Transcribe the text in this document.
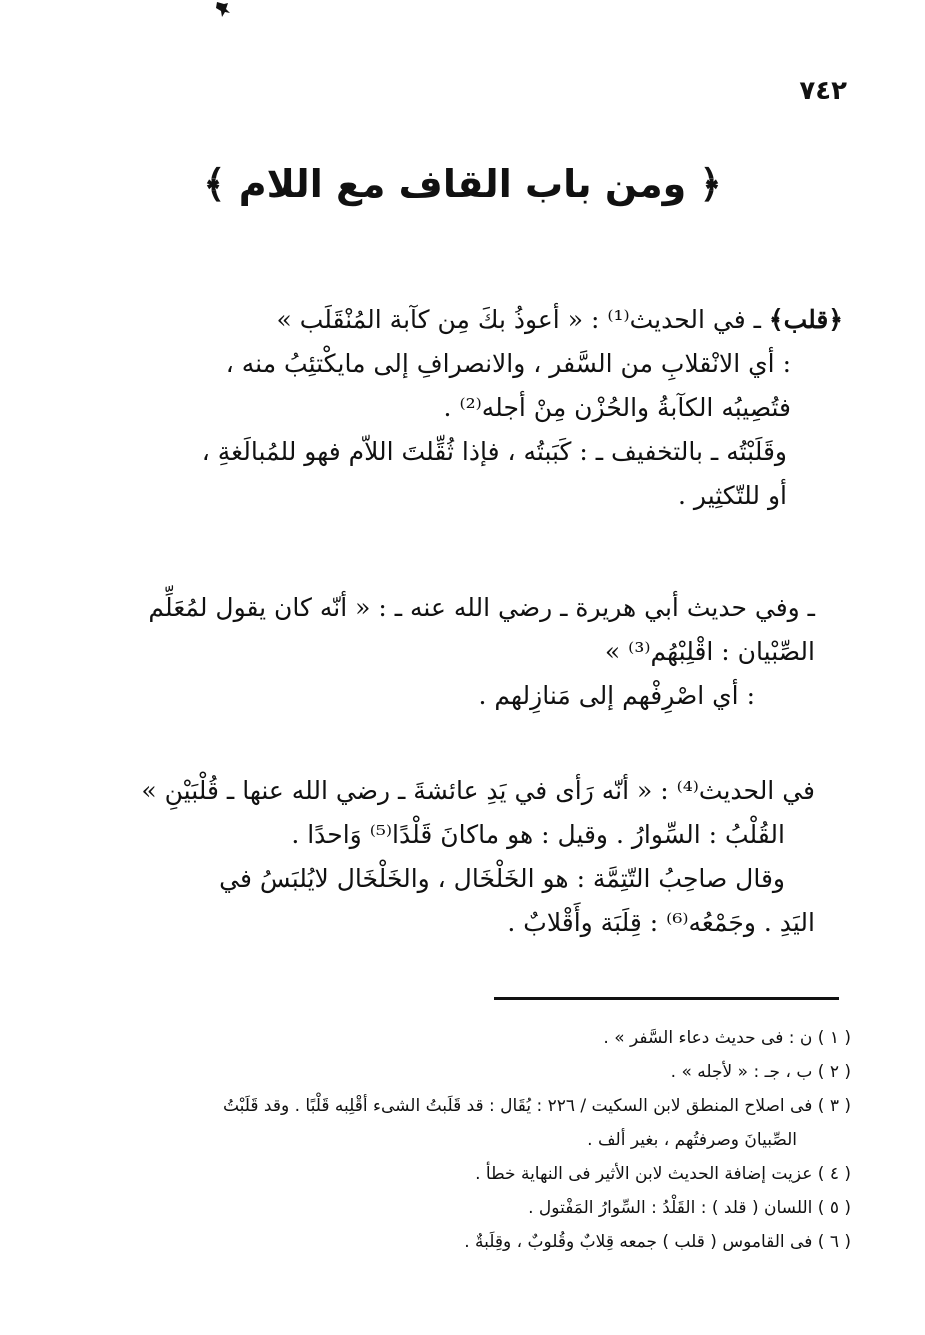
٧٤٢
﴿ ومن باب القاف مع اللام ﴾
﴿قلب﴾ ـ في الحديث⁽¹⁾ : « أعوذُ بكَ مِن كآبة المُنْقَلَب »
: أي الانْقلابِ من السَّفر ، والانصرافِ إلى مايكْتئِبُ منه ،
فتُصِيبُه الكآبةُ والحُزْن مِنْ أجله⁽²⁾ .
وقَلَبْتُه ـ بالتخفيف ـ : كَبَبتُه ، فإذا ثُقِّلتَ اللاّم فهو للمُبالَغةِ ،
أو للتّكثِير .
ـ وفي حديث أبي هريرة ـ رضي الله عنه ـ : « أنّه كان يقول لمُعَلِّم
الصِّبْيان : اقْلِبْهُم⁽³⁾ »
: أي اصْرِفْهم إلى مَنازِلهم .
في الحديث⁽⁴⁾ : « أنّه رَأى في يَدِ عائشةَ ـ رضي الله عنها ـ قُلْبَيْنِ »
القُلْبُ : السِّوارُ . وقيل : هو ماكانَ قَلْدًا⁽⁵⁾ وَاحدًا .
وقال صاحِبُ التّتِمَّة : هو الخَلْخَال ، والخَلْخَال لايُلبَسُ في
اليَدِ . وجَمْعُه⁽⁶⁾ : قِلَبَة وأَقْلابٌ .
( ١ ) ن : فى حديث دعاء السَّفر » .
( ٢ ) ب ، جـ : « لأجله » .
( ٣ ) فى اصلاح المنطق لابن السكيت / ٢٢٦ : يُقَال : قد قَلَبتُ الشىء أقْلِبه قَلْبًا . وقد قَلَبْتُ
الصِّبيانَ وصرفتُهم ، بغير ألف .
( ٤ ) عزيت إضافة الحديث لابن الأثير فى النهاية خطأ .
( ٥ ) اللسان ( قلد ) : القَلْدُ : السِّوارُ المَفْتول .
( ٦ ) فى القاموس ( قلب ) جمعه قِلابٌ وقُلوبٌ ، وقِلَبةٌ .
